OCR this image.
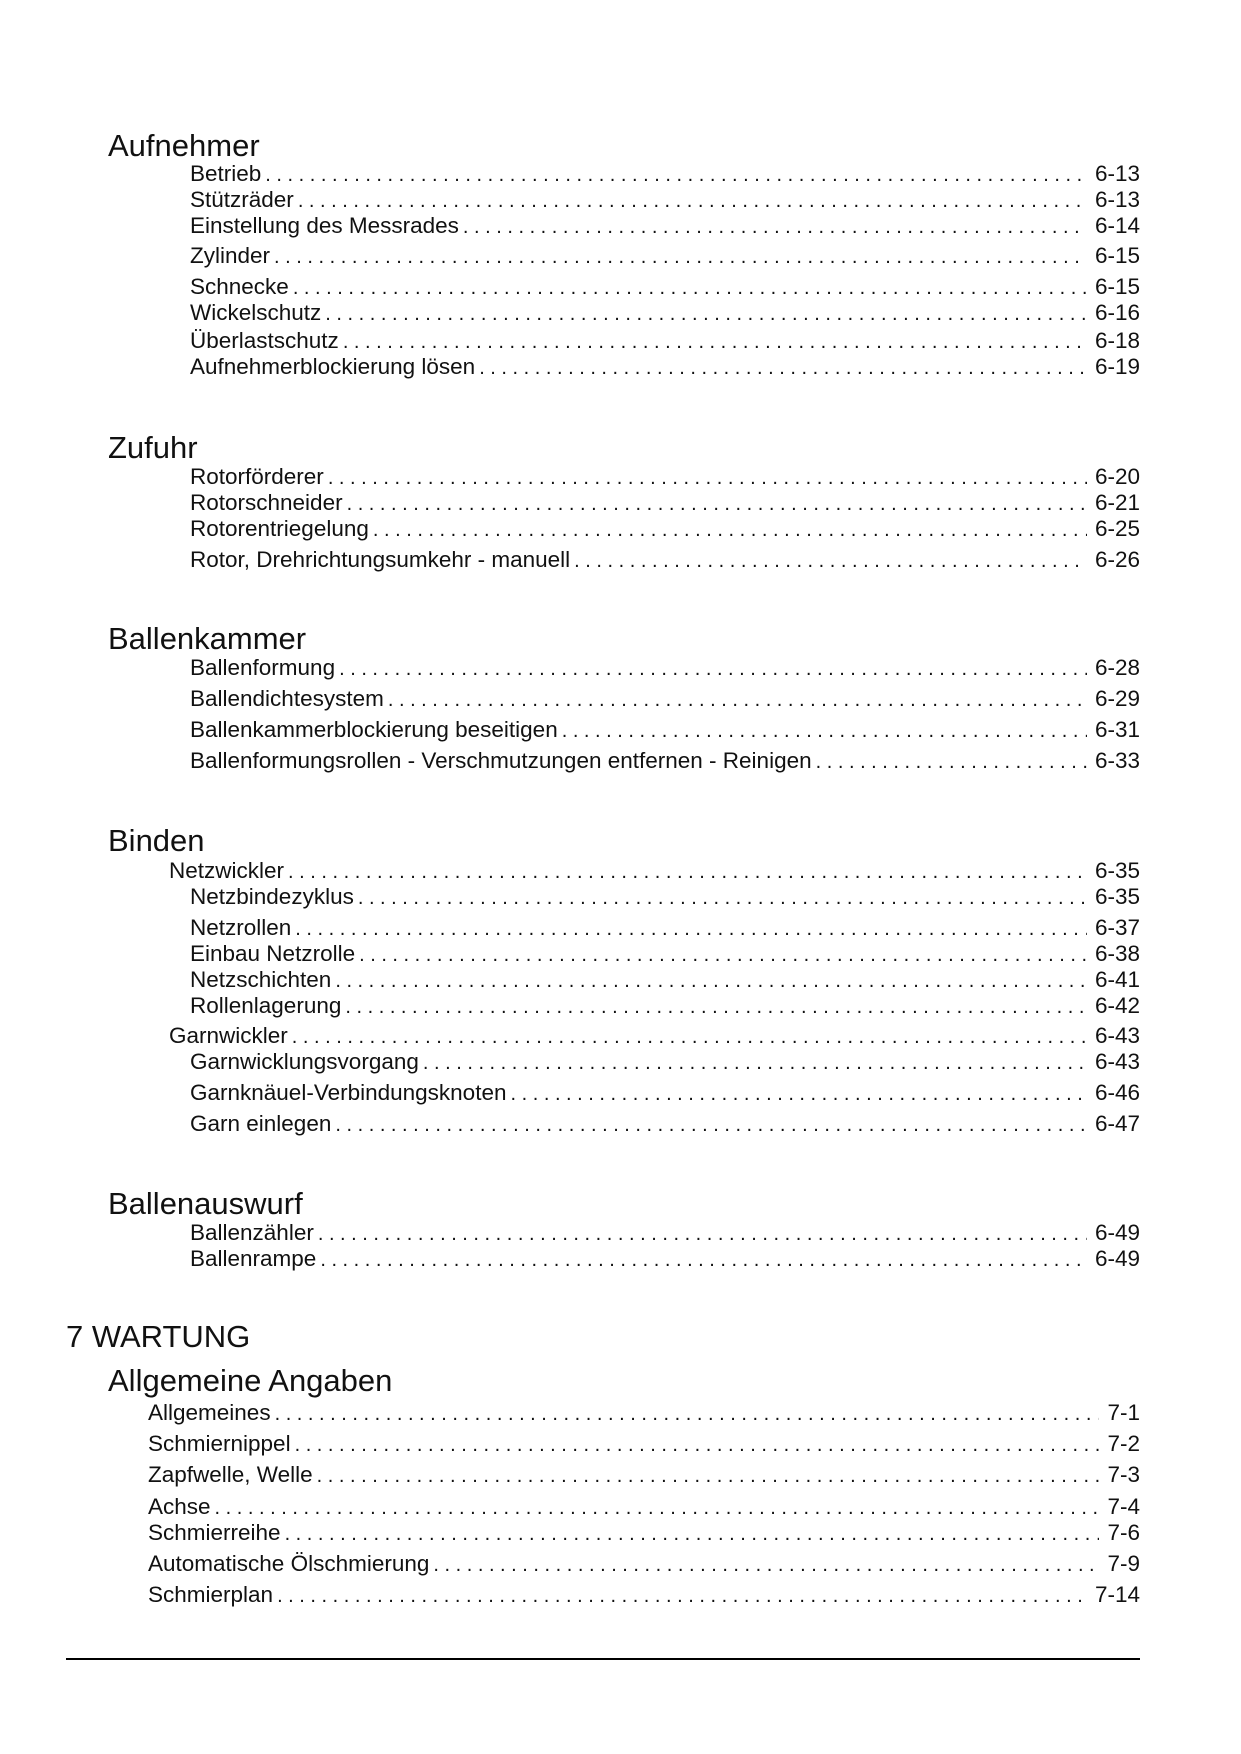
Aufnehmer
Betrieb . . .	6-13
Stützräder . . .	6-13
Einstellung des Messrades . . .	6-14
Zylinder . . .	6-15
Schnecke . . .	6-15
Wickelschutz . . .	6-16
Überlastschutz . . .	6-18
Aufnehmerblockierung lösen . . .	6-19
Zufuhr
Rotorförderer . . .	6-20
Rotorschneider . . .	6-21
Rotorentriegelung . . .	6-25
Rotor, Drehrichtungsumkehr - manuell . . .	6-26
Ballenkammer
Ballenformung . . .	6-28
Ballendichtesystem . . .	6-29
Ballenkammerblockierung beseitigen . . .	6-31
Ballenformungsrollen - Verschmutzungen entfernen - Reinigen . . .	6-33
Binden
Netzwickler . . .	6-35
Netzbindezyklus . . .	6-35
Netzrollen . . .	6-37
Einbau Netzrolle . . .	6-38
Netzschichten . . .	6-41
Rollenlagerung . . .	6-42
Garnwickler . . .	6-43
Garnwicklungsvorgang . . .	6-43
Garnknäuel-Verbindungsknoten . . .	6-46
Garn einlegen . . .	6-47
Ballenauswurf
Ballenzähler . . .	6-49
Ballenrampe . . .	6-49
7 WARTUNG
Allgemeine Angaben
Allgemeines . . .	7-1
Schmiernippel . . .	7-2
Zapfwelle, Welle . . .	7-3
Achse . . .	7-4
Schmierreihe . . .	7-6
Automatische Ölschmierung . . .	7-9
Schmierplan . . .	7-14
